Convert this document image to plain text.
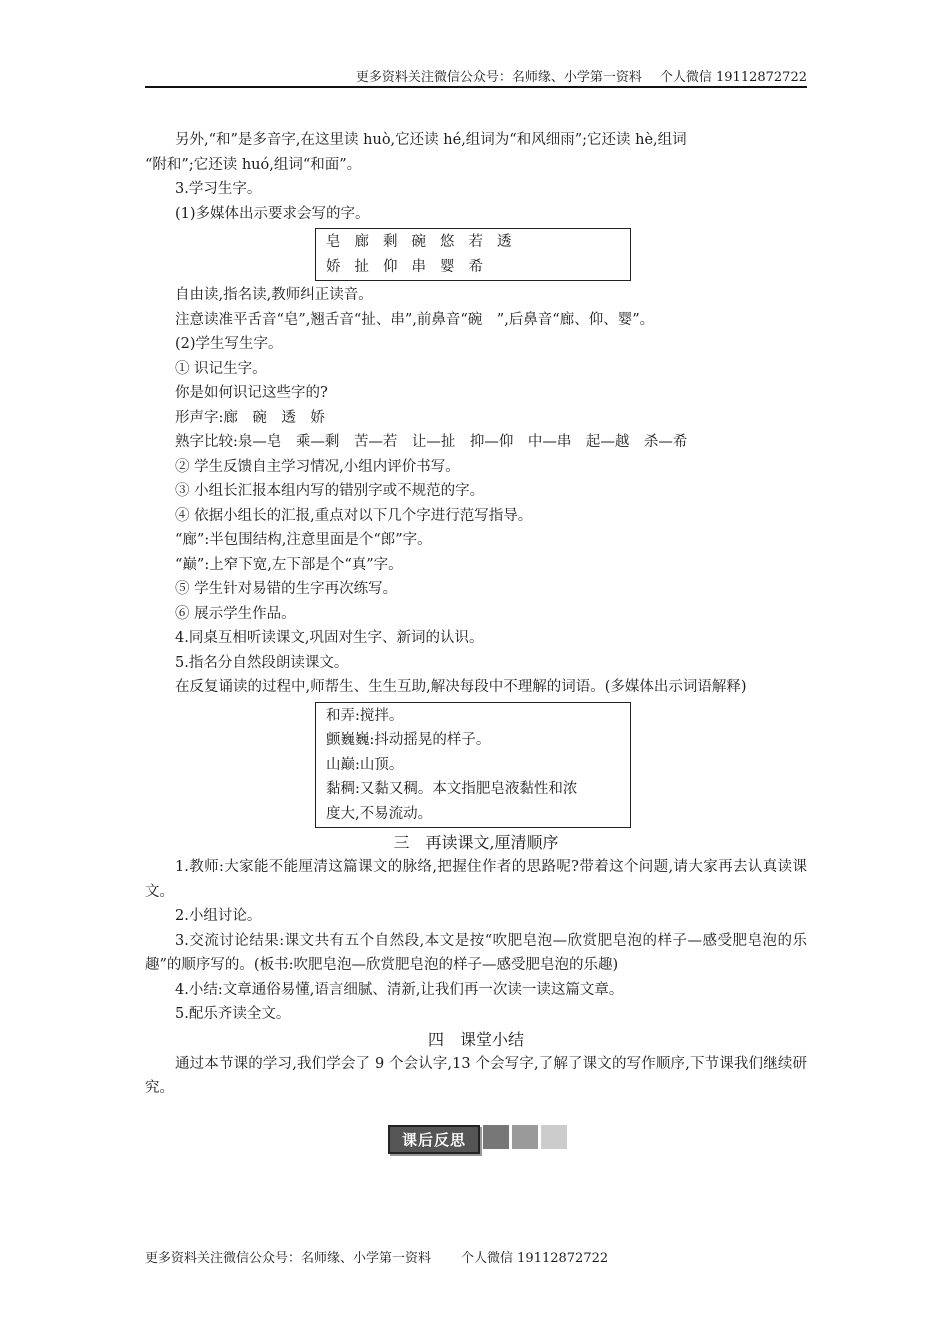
更多资料关注微信公众号：名师缘、小学第一资料 个人微信 19112872722

另外,“和”是多音字,在这里读 huò,它还读 hé,组词为“和风细雨”;它还读 hè,组词

“附和”;它还读 huó,组词“和面”。

3.学习生字。

(1)多媒体出示要求会写的字。

皂 廊 剩 碗 悠 若 透
娇 扯 仰 串 婴 希

自由读,指名读,教师纠正读音。

注意读准平舌音“皂”,翘舌音“扯、串”,前鼻音“碗　”,后鼻音“廊、仰、婴”。

(2)学生写生字。

① 识记生字。

你是如何识记这些字的?

形声字:廊　碗　透　娇

熟字比较:泉—皂　乘—剩　苦—若　让—扯　抑—仰　中—串　起—越　杀—希

② 学生反馈自主学习情况,小组内评价书写。

③ 小组长汇报本组内写的错别字或不规范的字。

④ 依据小组长的汇报,重点对以下几个字进行范写指导。

“廊”:半包围结构,注意里面是个“郎”字。

“巅”:上窄下宽,左下部是个“真”字。

⑤ 学生针对易错的生字再次练写。

⑥ 展示学生作品。

4.同桌互相听读课文,巩固对生字、新词的认识。

5.指名分自然段朗读课文。

在反复诵读的过程中,师帮生、生生互助,解决每段中不理解的词语。(多媒体出示词语解释)

和弄:搅拌。
颤巍巍:抖动摇晃的样子。
山巅:山顶。
黏稠:又黏又稠。本文指肥皂液黏性和浓
度大,不易流动。

三　再读课文,厘清顺序

1.教师:大家能不能厘清这篇课文的脉络,把握住作者的思路呢?带着这个问题,请大家再去认真读课文。

2.小组讨论。

3.交流讨论结果:课文共有五个自然段,本文是按“吹肥皂泡—欣赏肥皂泡的样子—感受肥皂泡的乐趣”的顺序写的。(板书:吹肥皂泡—欣赏肥皂泡的样子—感受肥皂泡的乐趣)

4.小结:文章通俗易懂,语言细腻、清新,让我们再一次读一读这篇文章。

5.配乐齐读全文。

四　课堂小结

通过本节课的学习,我们学会了 9 个会认字,13 个会写字,了解了课文的写作顺序,下节课我们继续研究。

课后反思
更多资料关注微信公众号：名师缘、小学第一资料 个人微信 19112872722
